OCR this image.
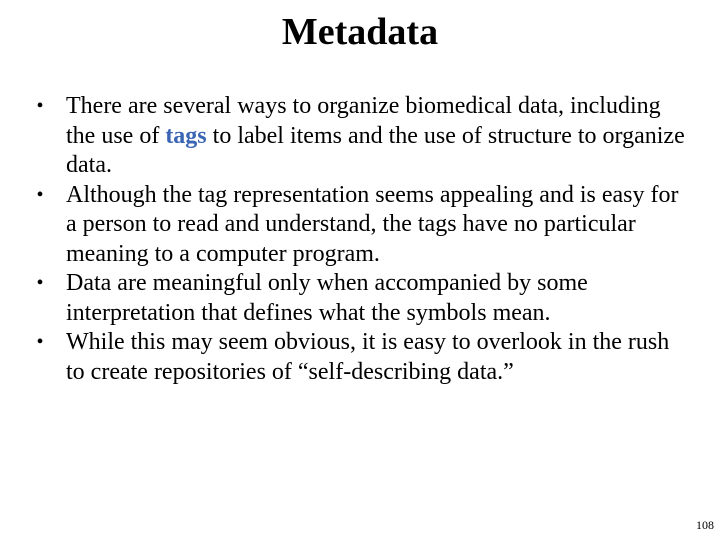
Metadata
• There are several ways to organize biomedical data, including the use of tags to label items and the use of structure to organize data.
• Although the tag representation seems appealing and is easy for a person to read and understand, the tags have no particular meaning to a computer program.
• Data are meaningful only when accompanied by some interpretation that defines what the symbols mean.
• While this may seem obvious, it is easy to overlook in the rush to create repositories of “self-describing data.”
108
